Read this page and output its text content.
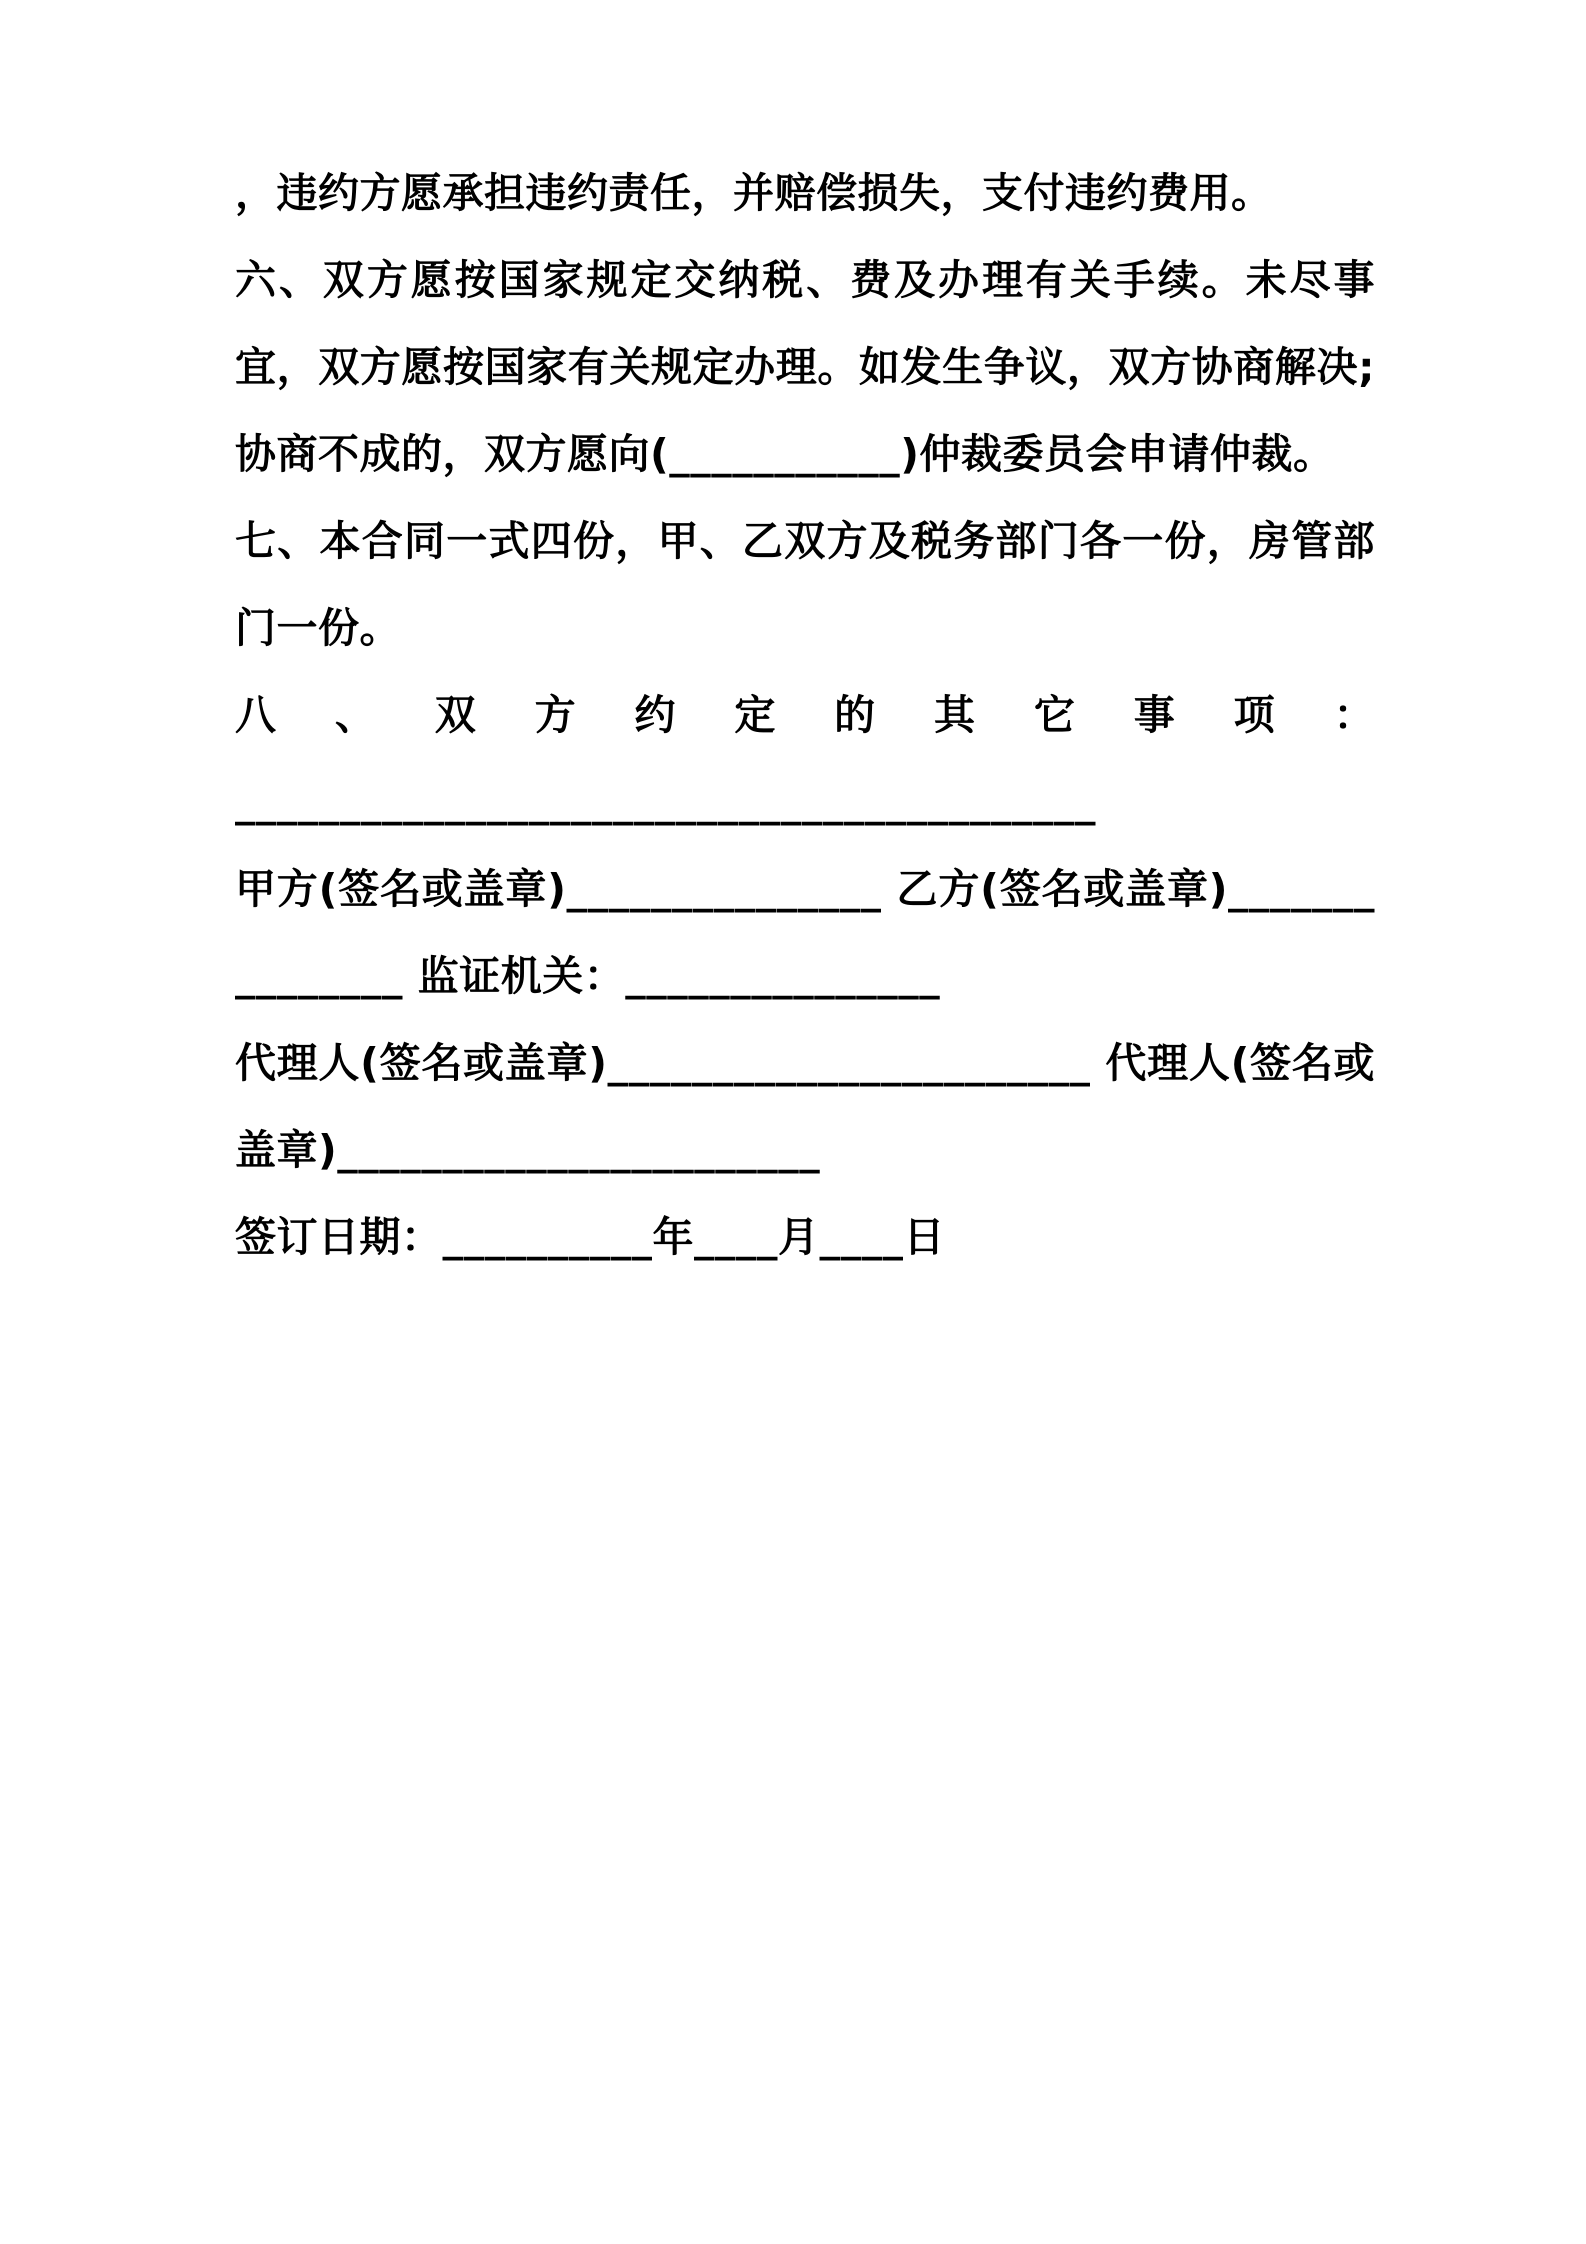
，违约方愿承担违约责任，并赔偿损失，支付违约费用。

六、双方愿按国家规定交纳税、费及办理有关手续。未尽事宜，双方愿按国家有关规定办理。如发生争议，双方协商解决;协商不成的，双方愿向(___________)仲裁委员会申请仲裁。

七、本合同一式四份，甲、乙双方及税务部门各一份，房管部门一份。

八、双方约定的其它事项：

_________________________________________

甲方(签名或盖章)_______________ 乙方(签名或盖章)_______________ 监证机关：_______________

代理人(签名或盖章)_______________________ 代理人(签名或盖章)_______________________

签订日期：__________年____月____日
